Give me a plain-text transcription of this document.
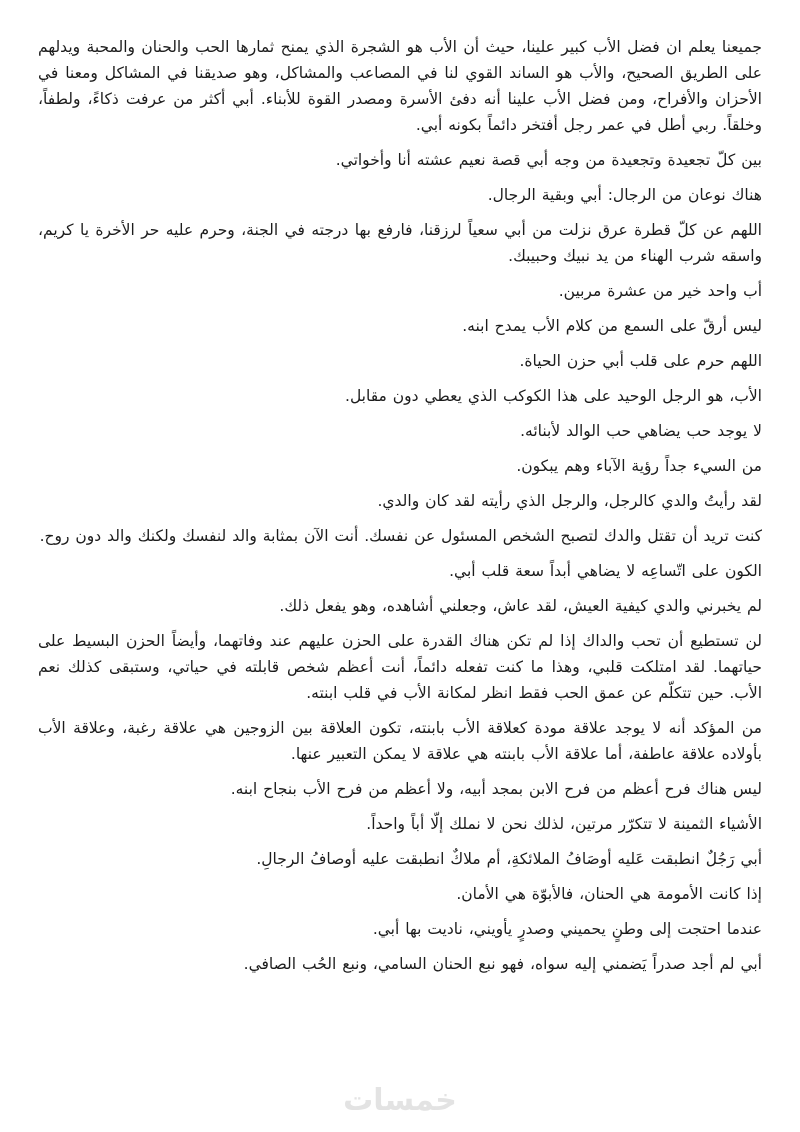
جميعنا يعلم ان فضل الأب كبير علينا، حيث أن الأب هو الشجرة الذي يمنح ثمارها الحب والحنان والمحبة ويدلهم على الطريق الصحيح، والأب هو الساند القوي لنا في المصاعب والمشاكل، وهو صديقنا في المشاكل ومعنا في الأحزان والأفراح، ومن فضل الأب علينا أنه دفئ الأسرة ومصدر القوة للأبناء. أبي أكثر من عرفت ذكاءً، ولطفاً، وخلقاً. ربي أطل في عمر رجل أفتخر دائماً بكونه أبي.

بين كلّ تجعيدة وتجعيدة من وجه أبي قصة نعيم عشته أنا وأخواتي.

هناك نوعان من الرجال: أبي وبقية الرجال.

اللهم عن كلّ قطرة عرق نزلت من أبي سعياً لرزقنا، فارفع بها درجته في الجنة، وحرم عليه حر الأخرة يا كريم، واسقه شرب الهناء من يد نبيك وحبيبك.

أب واحد خير من عشرة مربين.

ليس أرقّ على السمع من كلام الأب يمدح ابنه.

اللهم حرم على قلب أبي حزن الحياة.

الأب، هو الرجل الوحيد على هذا الكوكب الذي يعطي دون مقابل.

لا يوجد حب يضاهي حب الوالد لأبنائه.

من السيء جداً رؤية الآباء وهم يبكون.

لقد رأيتُ والدي كالرجل، والرجل الذي رأيته لقد كان والدي.

كنت تريد أن تقتل والدك لتصبح الشخص المسئول عن نفسك. أنت الآن بمثابة والد لنفسك ولكنك والد دون روح.

الكون على اتّساعِه لا يضاهي أبداً سعة قلب أبي.

لم يخبرني والدي كيفية العيش، لقد عاش، وجعلني أشاهده، وهو يفعل ذلك.

لن تستطيع أن تحب والداك إذا لم تكن هناك القدرة على الحزن عليهم عند وفاتهما، وأيضاً الحزن البسيط على حياتهما. لقد امتلكت قلبي، وهذا ما كنت تفعله دائماً، أنت أعظم شخص قابلته في حياتي، وستبقى كذلك نعم الأب. حين تتكلّم عن عمق الحب فقط انظر لمكانة الأب في قلب ابنته.

من المؤكد أنه لا يوجد علاقة مودة كعلاقة الأب بابنته، تكون العلاقة بين الزوجين هي علاقة رغبة، وعلاقة الأب بأولاده علاقة عاطفة، أما علاقة الأب بابنته هي علاقة لا يمكن التعبير عنها.

ليس هناك فرح أعظم من فرح الابن بمجد أبيه، ولا أعظم من فرح الأب بنجاح ابنه.

الأشياء الثمينة لا تتكرّر مرتين، لذلك نحن لا نملك إلّا أباً واحداً.

أبي رَجُلٌ انطبقت عَليه أوصَافُ الملائكةِ، أم ملاكٌ انطبقت عليه أوصافُ الرجالِ.

إذا كانت الأمومة هي الحنان، فالأبوّة هي الأمان.

عندما احتجت إلى وطنٍ يحميني وصدرٍ يأويني، ناديت بها أبي.

أبي لم أجد صدراً يَضمني إليه سواه، فهو نبع الحنان السامي، ونبع الحُب الصافي.

خمسات
